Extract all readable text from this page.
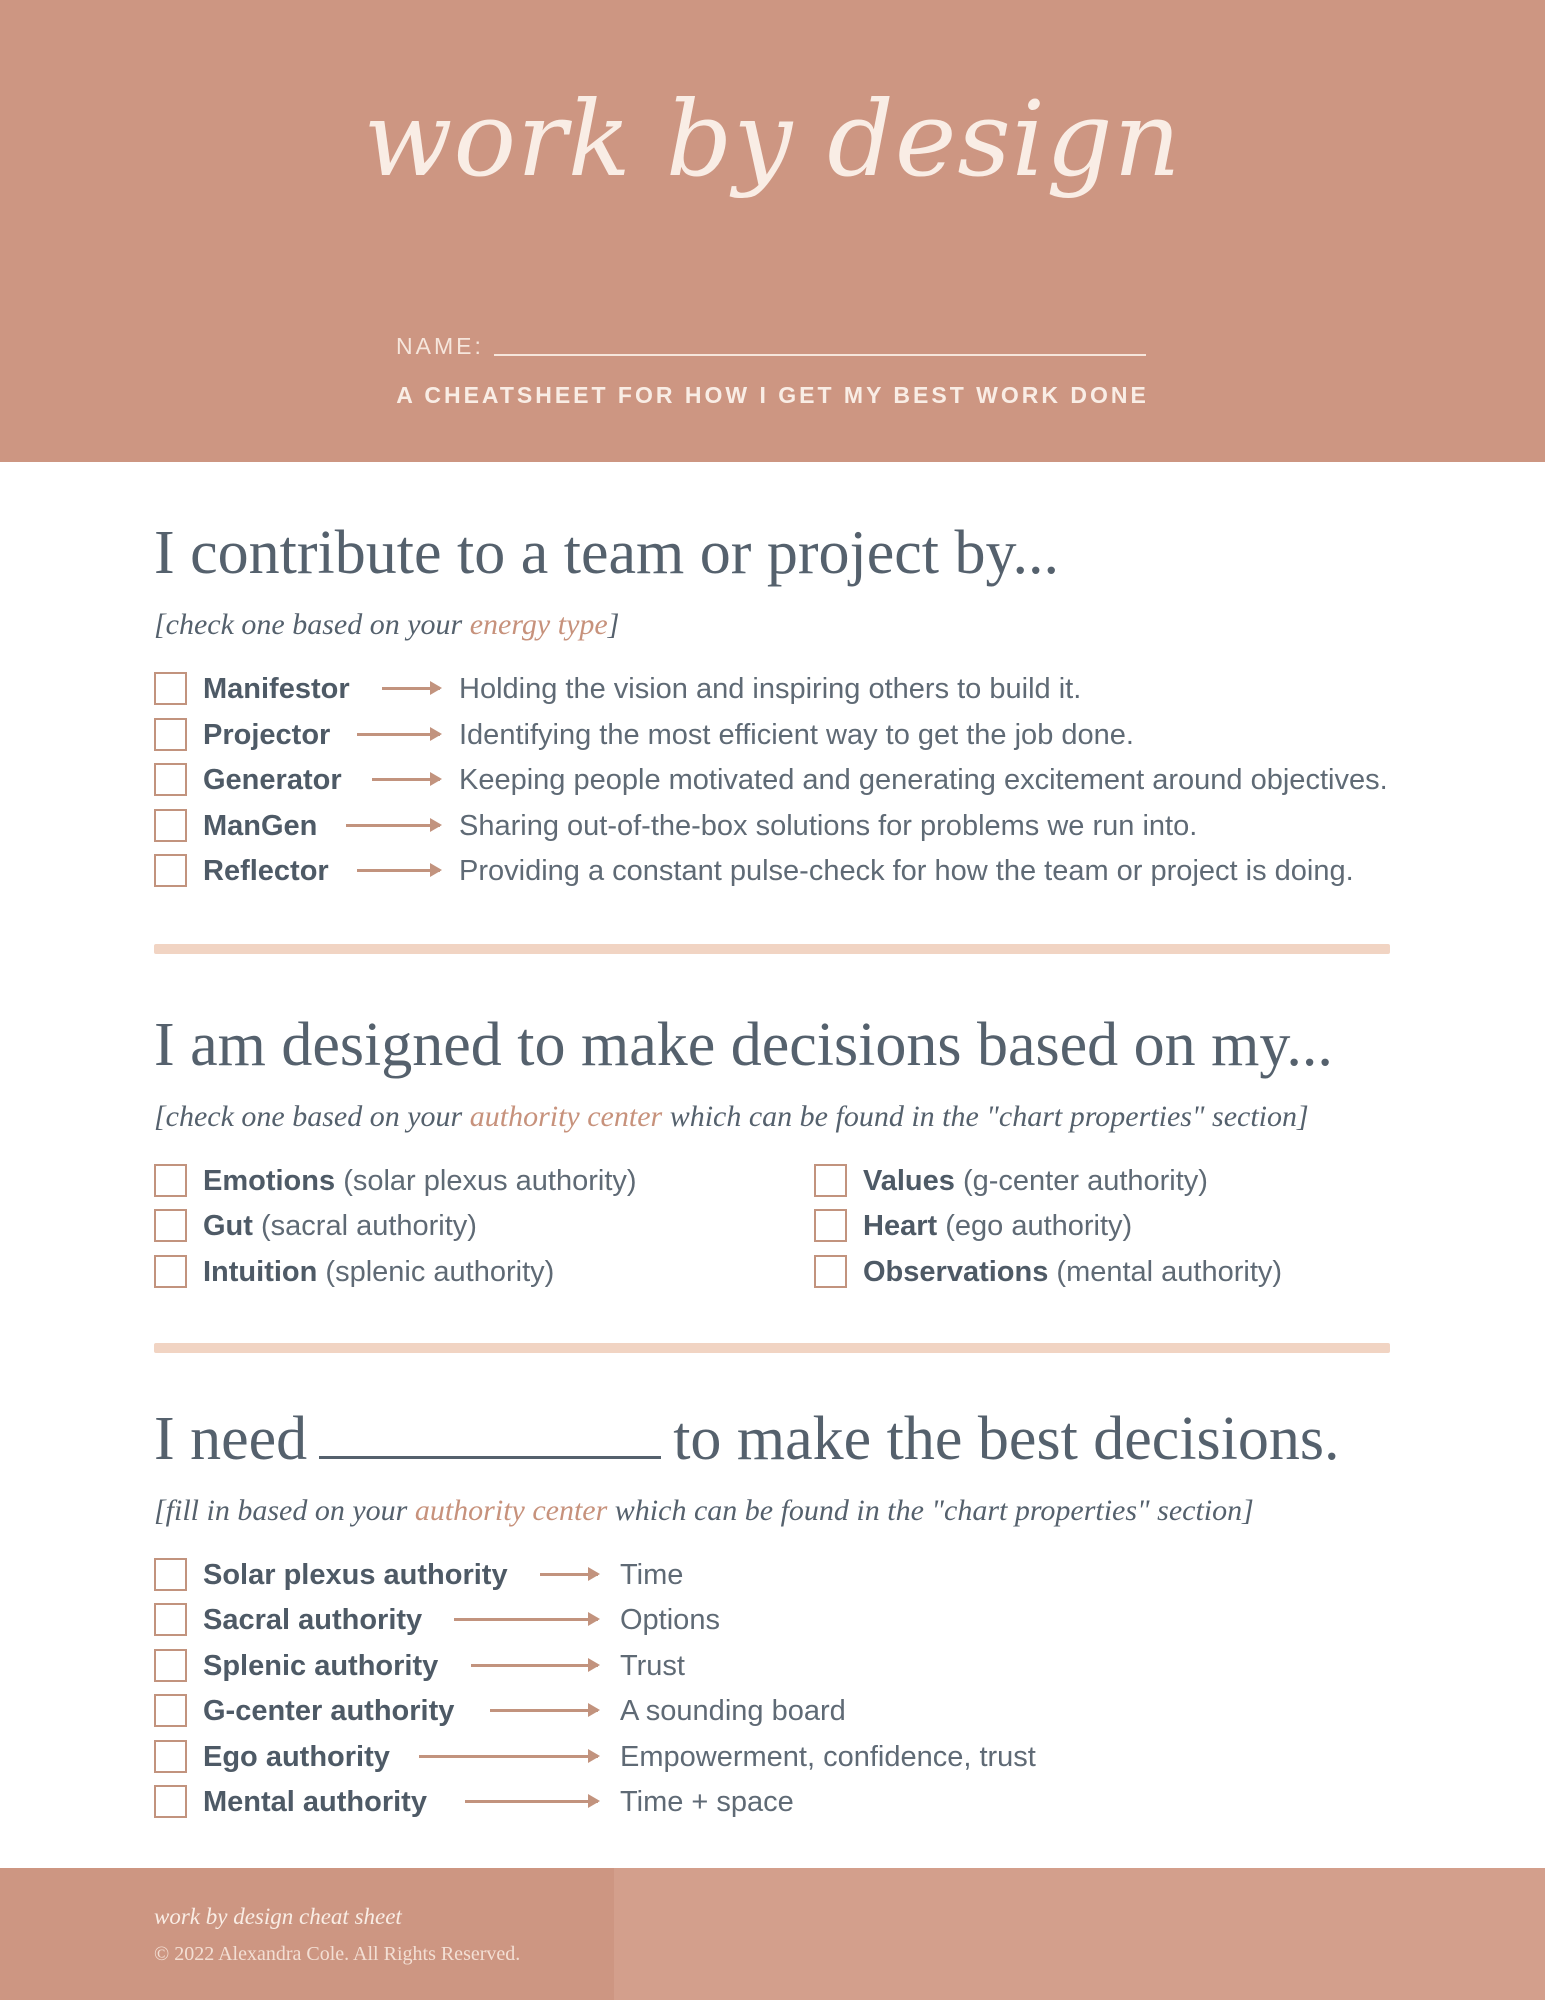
work by design
NAME:
A CHEATSHEET FOR HOW I GET MY BEST WORK DONE
I contribute to a team or project by...
[check one based on your energy type]
Manifestor	Holding the vision and inspiring others to build it.
Projector	Identifying the most efficient way to get the job done.
Generator	Keeping people motivated and generating excitement around objectives.
ManGen	Sharing out-of-the-box solutions for problems we run into.
Reflector	Providing a constant pulse-check for how the team or project is doing.
I am designed to make decisions based on my...
[check one based on your authority center which can be found in the "chart properties" section]
Emotions (solar plexus authority)
Gut (sacral authority)
Intuition (splenic authority)
Values (g-center authority)
Heart (ego authority)
Observations (mental authority)
I need	to make the best decisions.
[fill in based on your authority center which can be found in the "chart properties" section]
Solar plexus authority	Time
Sacral authority	Options
Splenic authority	Trust
G-center authority	A sounding board
Ego authority	Empowerment, confidence, trust
Mental authority	Time + space
work by design cheat sheet
© 2022 Alexandra Cole. All Rights Reserved.
